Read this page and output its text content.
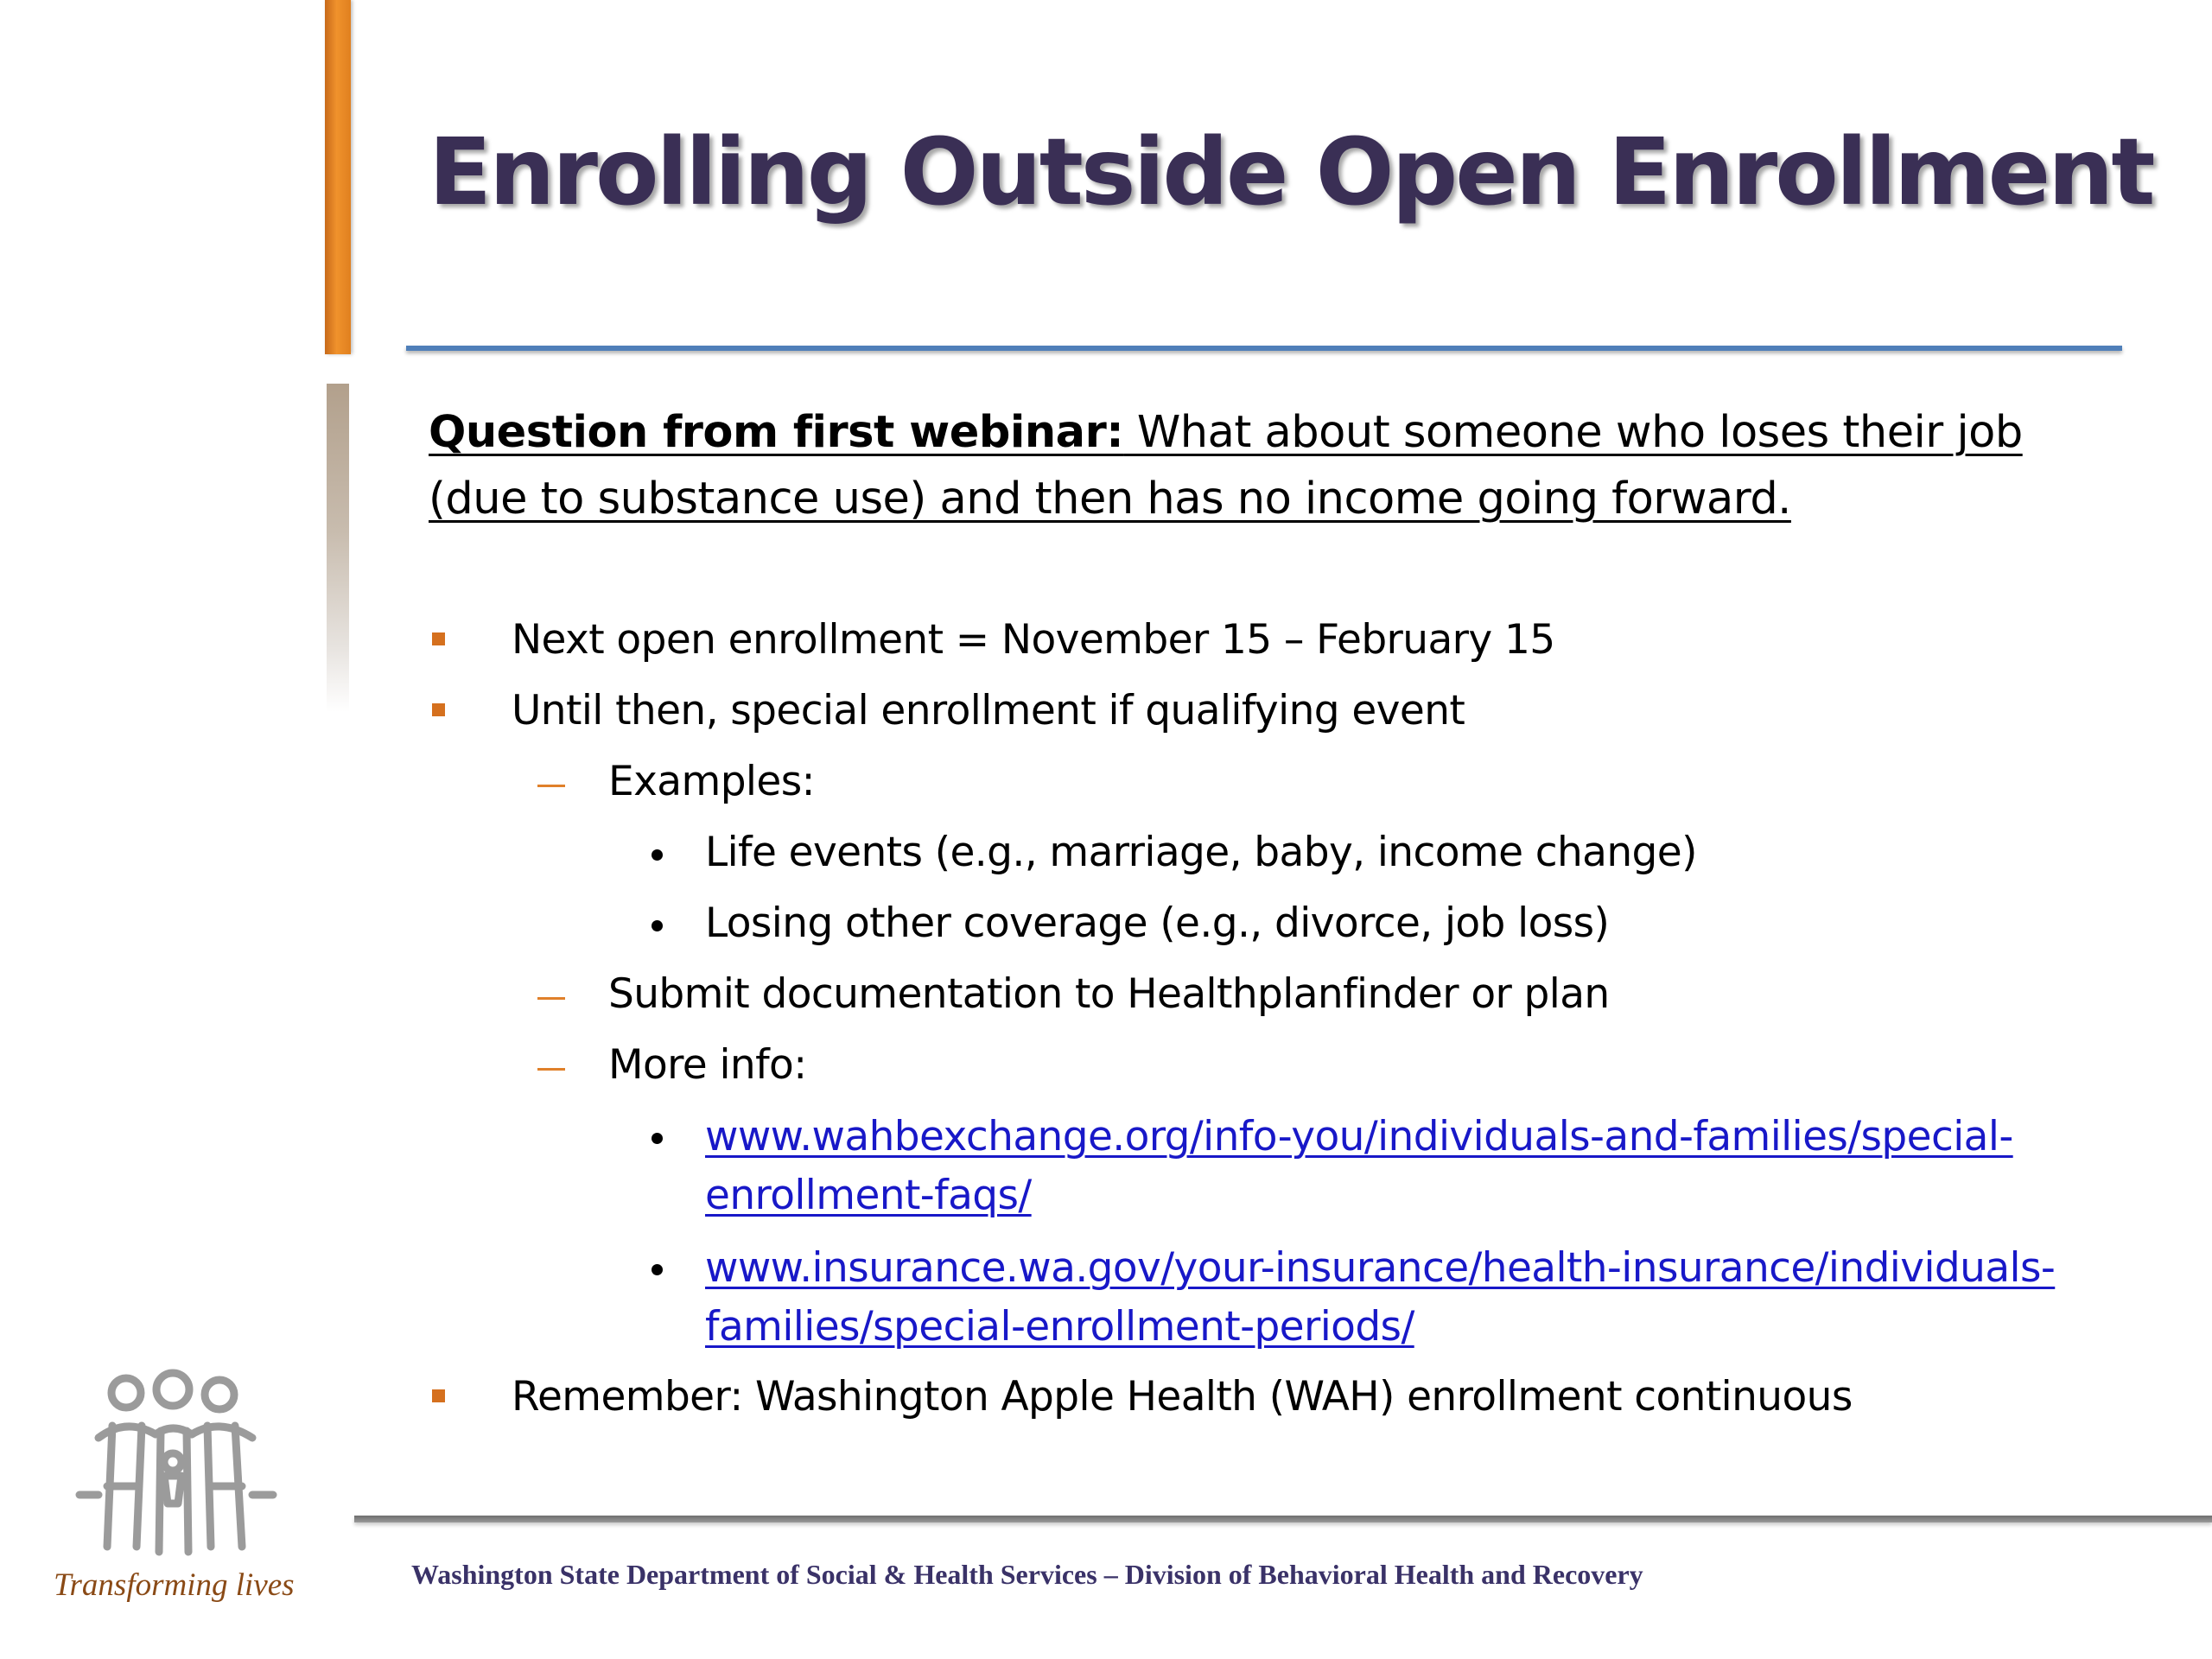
Enrolling Outside Open Enrollment

Question from first webinar: What about someone who loses their job (due to substance use) and then has no income going forward.

Next open enrollment = November 15 – February 15
Until then, special enrollment if qualifying event
Examples:
Life events (e.g., marriage, baby, income change)
Losing other coverage (e.g., divorce, job loss)
Submit documentation to Healthplanfinder or plan
More info:
www.wahbexchange.org/info-you/individuals-and-families/special-
enrollment-faqs/
www.insurance.wa.gov/your-insurance/health-insurance/individuals-
families/special-enrollment-periods/
Remember: Washington Apple Health (WAH) enrollment continuous

Transforming lives	Washington State Department of Social & Health Services – Division of Behavioral Health and Recovery
